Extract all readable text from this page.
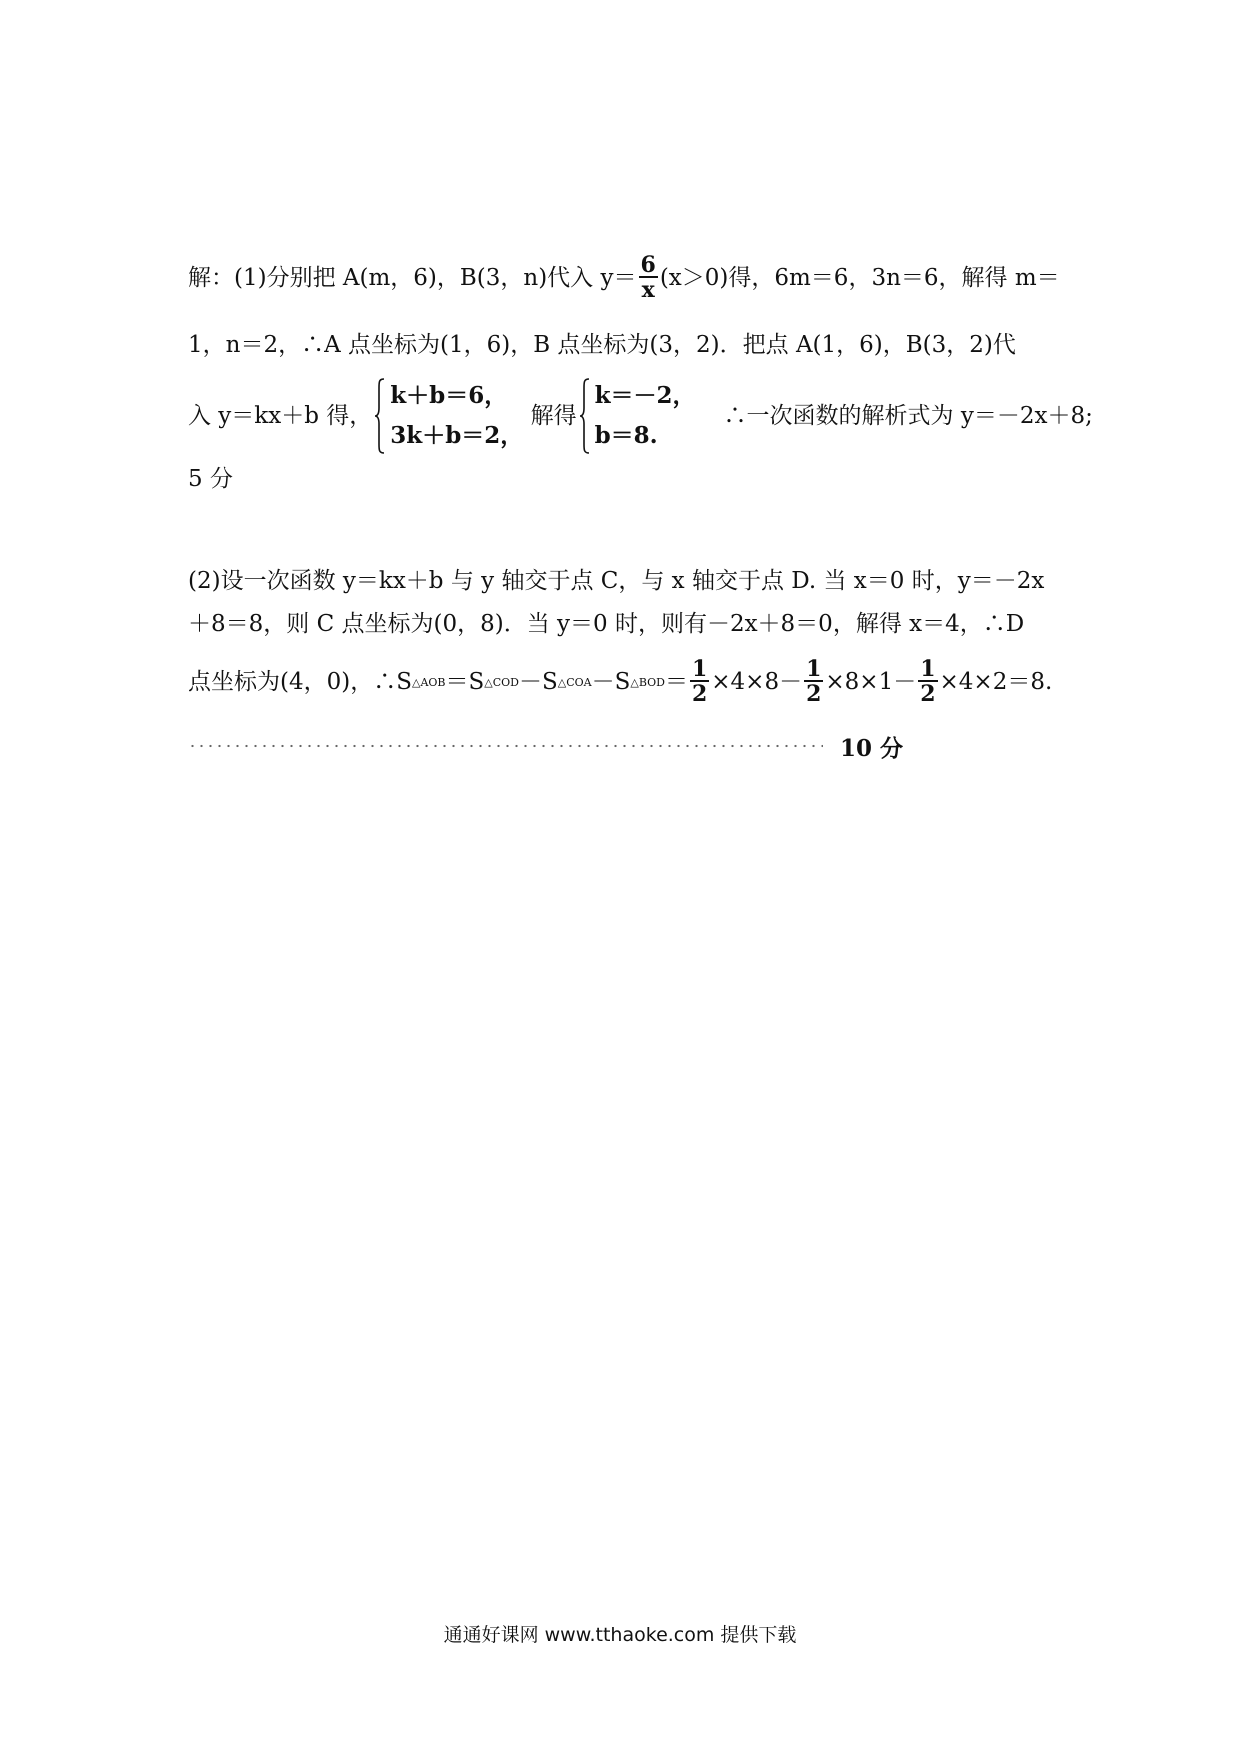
解：(1)分别把 A(m，6)，B(3，n)代入 $y= \frac{6}{x} (x>0)$得，6m＝6，3n＝6，解得 m＝
1，n＝2，∴A 点坐标为(1，6)，B 点坐标为(3，2)．把点 A(1，6)，B(3，2)代
入 y＝kx＋b 得，
k＋b＝6，
3k＋b＝2，
解得
k＝－2，
b＝8.
∴一次函数的解析式为 y＝－2x＋8;
5 分
(2)设一次函数 y＝kx＋b 与 y 轴交于点 C，与 x 轴交于点 D. 当 x＝0 时，y＝－2x
＋8＝8，则 C 点坐标为(0，8)．当 y＝0 时，则有－2x＋8＝0，解得 x＝4，∴D
点坐标为(4，0)，∴S △AOB ＝S △COD －S △COA －S △BOD ＝ $\frac{1}{2} \times 4\times 8- \frac{1}{2} \times 8\times 1- \frac{1}{2} \times 4\times 2=8$.
10 分
通通好课网 www.tthaoke.com 提供下载
